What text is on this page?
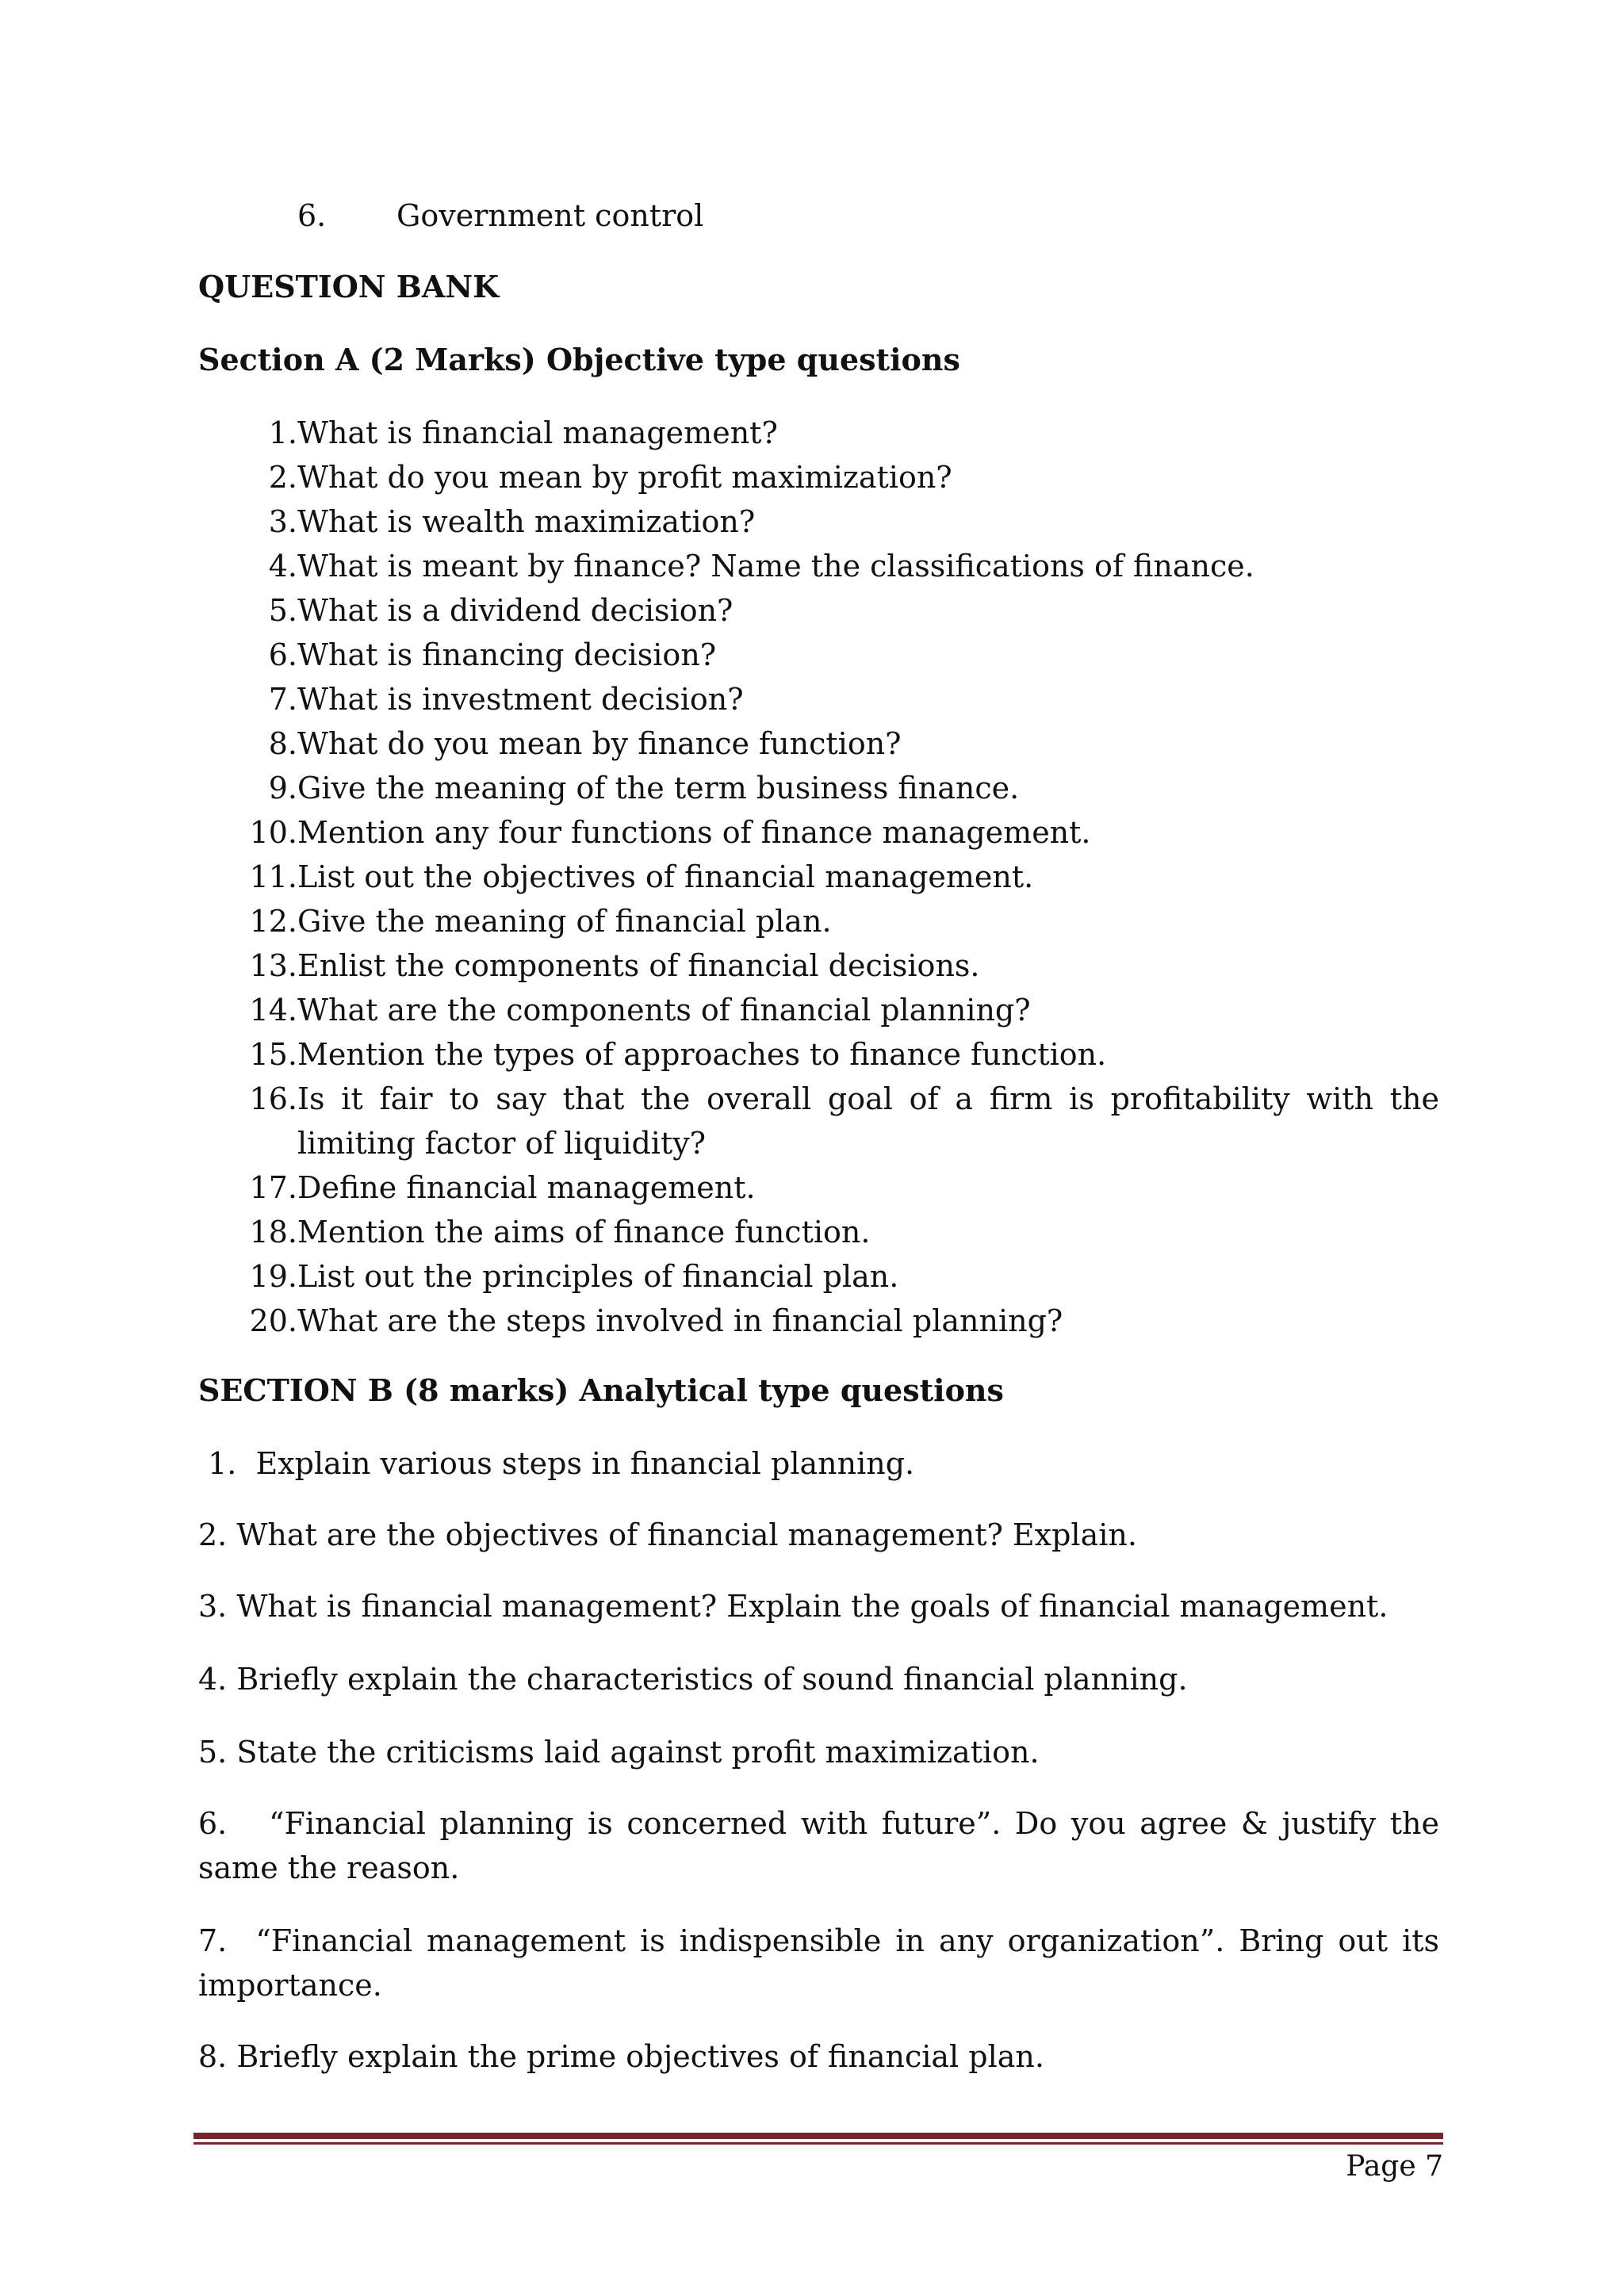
6. Government control
QUESTION BANK
Section A (2 Marks) Objective type questions
1. What is financial management?
2. What do you mean by profit maximization?
3. What is wealth maximization?
4. What is meant by finance? Name the classifications of finance.
5. What is a dividend decision?
6. What is financing decision?
7. What is investment decision?
8. What do you mean by finance function?
9. Give the meaning of the term business finance.
10. Mention any four functions of finance management.
11. List out the objectives of financial management.
12. Give the meaning of financial plan.
13. Enlist the components of financial decisions.
14. What are the components of financial planning?
15. Mention the types of approaches to finance function.
16. Is it fair to say that the overall goal of a firm is profitability with the limiting factor of liquidity?
17. Define financial management.
18. Mention the aims of finance function.
19. List out the principles of financial plan.
20. What are the steps involved in financial planning?
SECTION B (8 marks) Analytical type questions

1.  Explain various steps in financial planning.

2. What are the objectives of financial management? Explain.

3. What is financial management? Explain the goals of financial management.

4. Briefly explain the characteristics of sound financial planning.

5. State the criticisms laid against profit maximization.

6.   “Financial planning is concerned with future”. Do you agree & justify the same the reason.

7.  “Financial management is indispensible in any organization”. Bring out its importance.

8. Briefly explain the prime objectives of financial plan.

Page 7
